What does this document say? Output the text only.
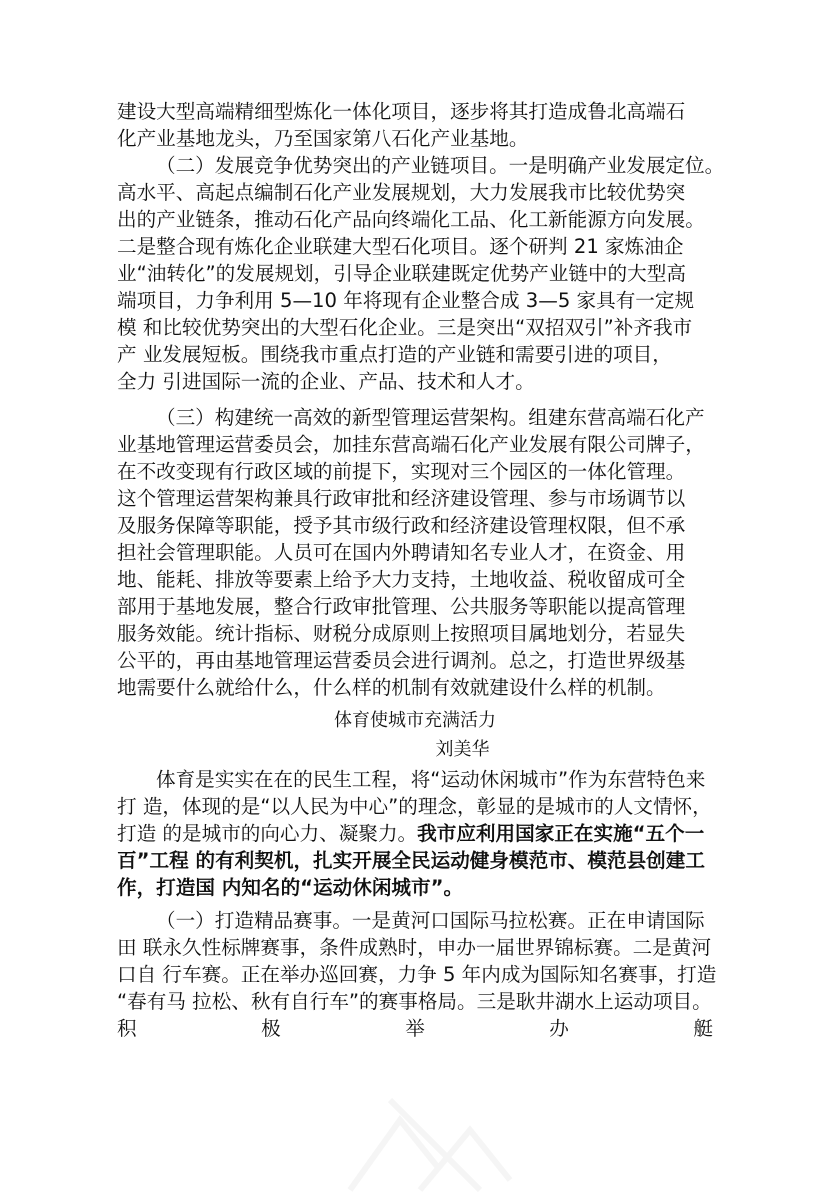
建设大型高端精细型炼化一体化项目，逐步将其打造成鲁北高端石
化产业基地龙头，乃至国家第八石化产业基地。
（二）发展竞争优势突出的产业链项目。一是明确产业发展定位。
高水平、高起点编制石化产业发展规划，大力发展我市比较优势突
出的产业链条，推动石化产品向终端化工品、化工新能源方向发展。
二是整合现有炼化企业联建大型石化项目。逐个研判 21 家炼油企
业“油转化”的发展规划，引导企业联建既定优势产业链中的大型高
端项目，力争利用 5—10 年将现有企业整合成 3—5 家具有一定规
模 和比较优势突出的大型石化企业。三是突出“双招双引”补齐我市
产 业发展短板。围绕我市重点打造的产业链和需要引进的项目，
全力 引进国际一流的企业、产品、技术和人才。
（三）构建统一高效的新型管理运营架构。组建东营高端石化产
业基地管理运营委员会，加挂东营高端石化产业发展有限公司牌子，
在不改变现有行政区域的前提下，实现对三个园区的一体化管理。
这个管理运营架构兼具行政审批和经济建设管理、参与市场调节以
及服务保障等职能，授予其市级行政和经济建设管理权限，但不承
担社会管理职能。人员可在国内外聘请知名专业人才，在资金、用
地、能耗、排放等要素上给予大力支持，土地收益、税收留成可全
部用于基地发展，整合行政审批管理、公共服务等职能以提高管理
服务效能。统计指标、财税分成原则上按照项目属地划分，若显失
公平的，再由基地管理运营委员会进行调剂。总之，打造世界级基
地需要什么就给什么，什么样的机制有效就建设什么样的机制。
体育使城市充满活力
刘美华
体育是实实在在的民生工程，将“运动休闲城市”作为东营特色来
打 造，体现的是“以人民为中心”的理念，彰显的是城市的人文情怀，
打造 的是城市的向心力、凝聚力。我市应利用国家正在实施“五个一
百”工程 的有利契机，扎实开展全民运动健身模范市、模范县创建工
作，打造国 内知名的“运动休闲城市”。
（一）打造精品赛事。一是黄河口国际马拉松赛。正在申请国际
田 联永久性标牌赛事，条件成熟时，申办一届世界锦标赛。二是黄河
口自 行车赛。正在举办巡回赛，力争 5 年内成为国际知名赛事，打造
“春有马 拉松、秋有自行车”的赛事格局。三是耿井湖水上运动项目。
积	极	举	办	艇
